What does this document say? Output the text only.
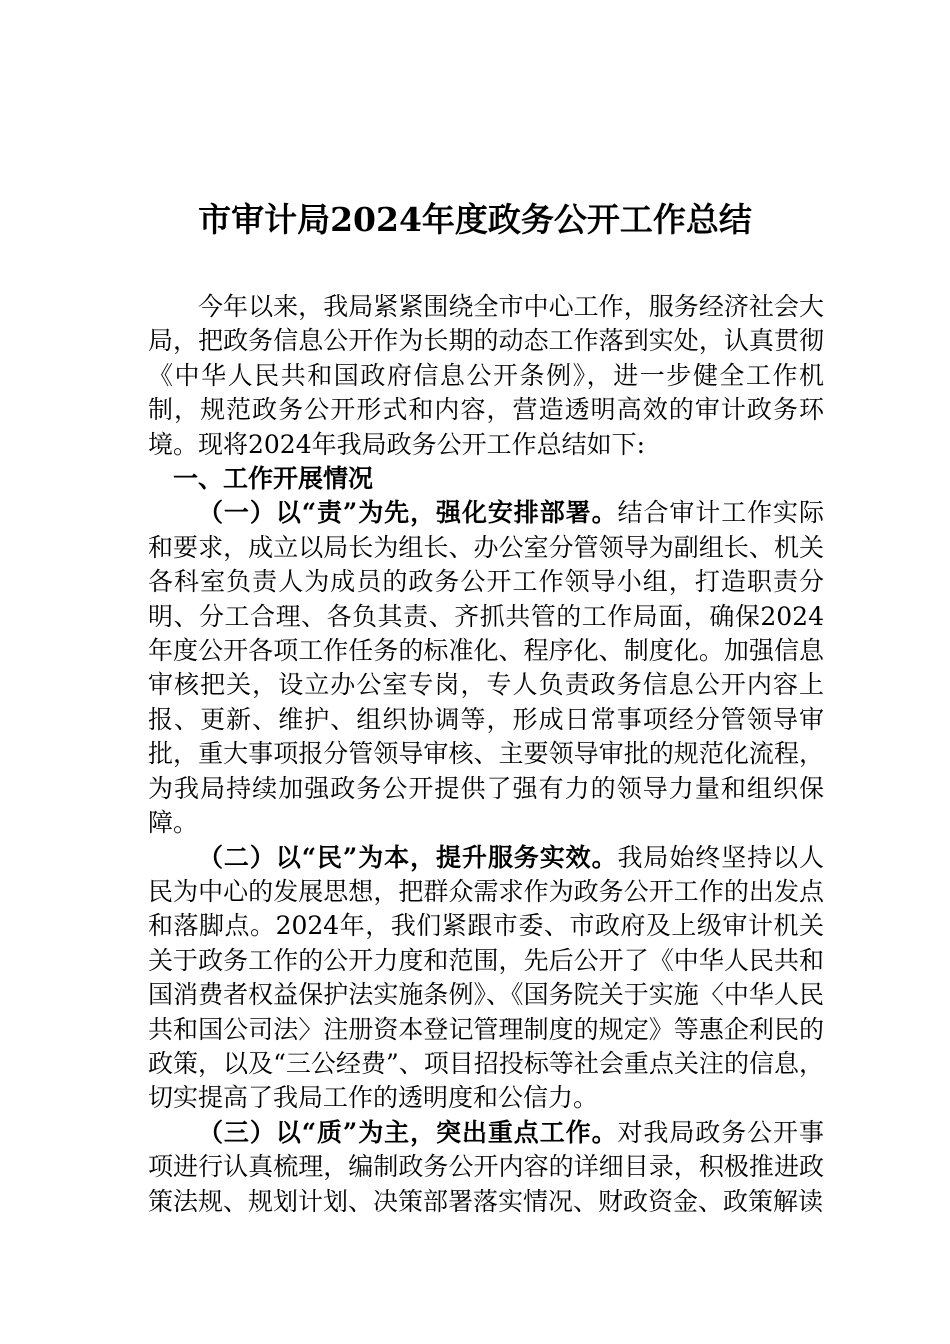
市审计局2024年度政务公开工作总结

今年以来，我局紧紧围绕全市中心工作，服务经济社会大局，把政务信息公开作为长期的动态工作落到实处，认真贯彻《中华人民共和国政府信息公开条例》，进一步健全工作机制，规范政务公开形式和内容，营造透明高效的审计政务环境。现将2024年我局政务公开工作总结如下:

一、工作开展情况

（一）以“责”为先，强化安排部署。结合审计工作实际和要求，成立以局长为组长、办公室分管领导为副组长、机关各科室负责人为成员的政务公开工作领导小组，打造职责分明、分工合理、各负其责、齐抓共管的工作局面，确保2024年度公开各项工作任务的标准化、程序化、制度化。加强信息审核把关，设立办公室专岗，专人负责政务信息公开内容上报、更新、维护、组织协调等，形成日常事项经分管领导审批，重大事项报分管领导审核、主要领导审批的规范化流程，为我局持续加强政务公开提供了强有力的领导力量和组织保障。

（二）以“民”为本，提升服务实效。我局始终坚持以人民为中心的发展思想，把群众需求作为政务公开工作的出发点和落脚点。2024年，我们紧跟市委、市政府及上级审计机关关于政务工作的公开力度和范围，先后公开了《中华人民共和国消费者权益保护法实施条例》、《国务院关于实施〈中华人民共和国公司法〉注册资本登记管理制度的规定》等惠企利民的政策，以及“三公经费”、项目招投标等社会重点关注的信息，切实提高了我局工作的透明度和公信力。

（三）以“质”为主，突出重点工作。对我局政务公开事项进行认真梳理，编制政务公开内容的详细目录，积极推进政策法规、规划计划、决策部署落实情况、财政资金、政策解读
